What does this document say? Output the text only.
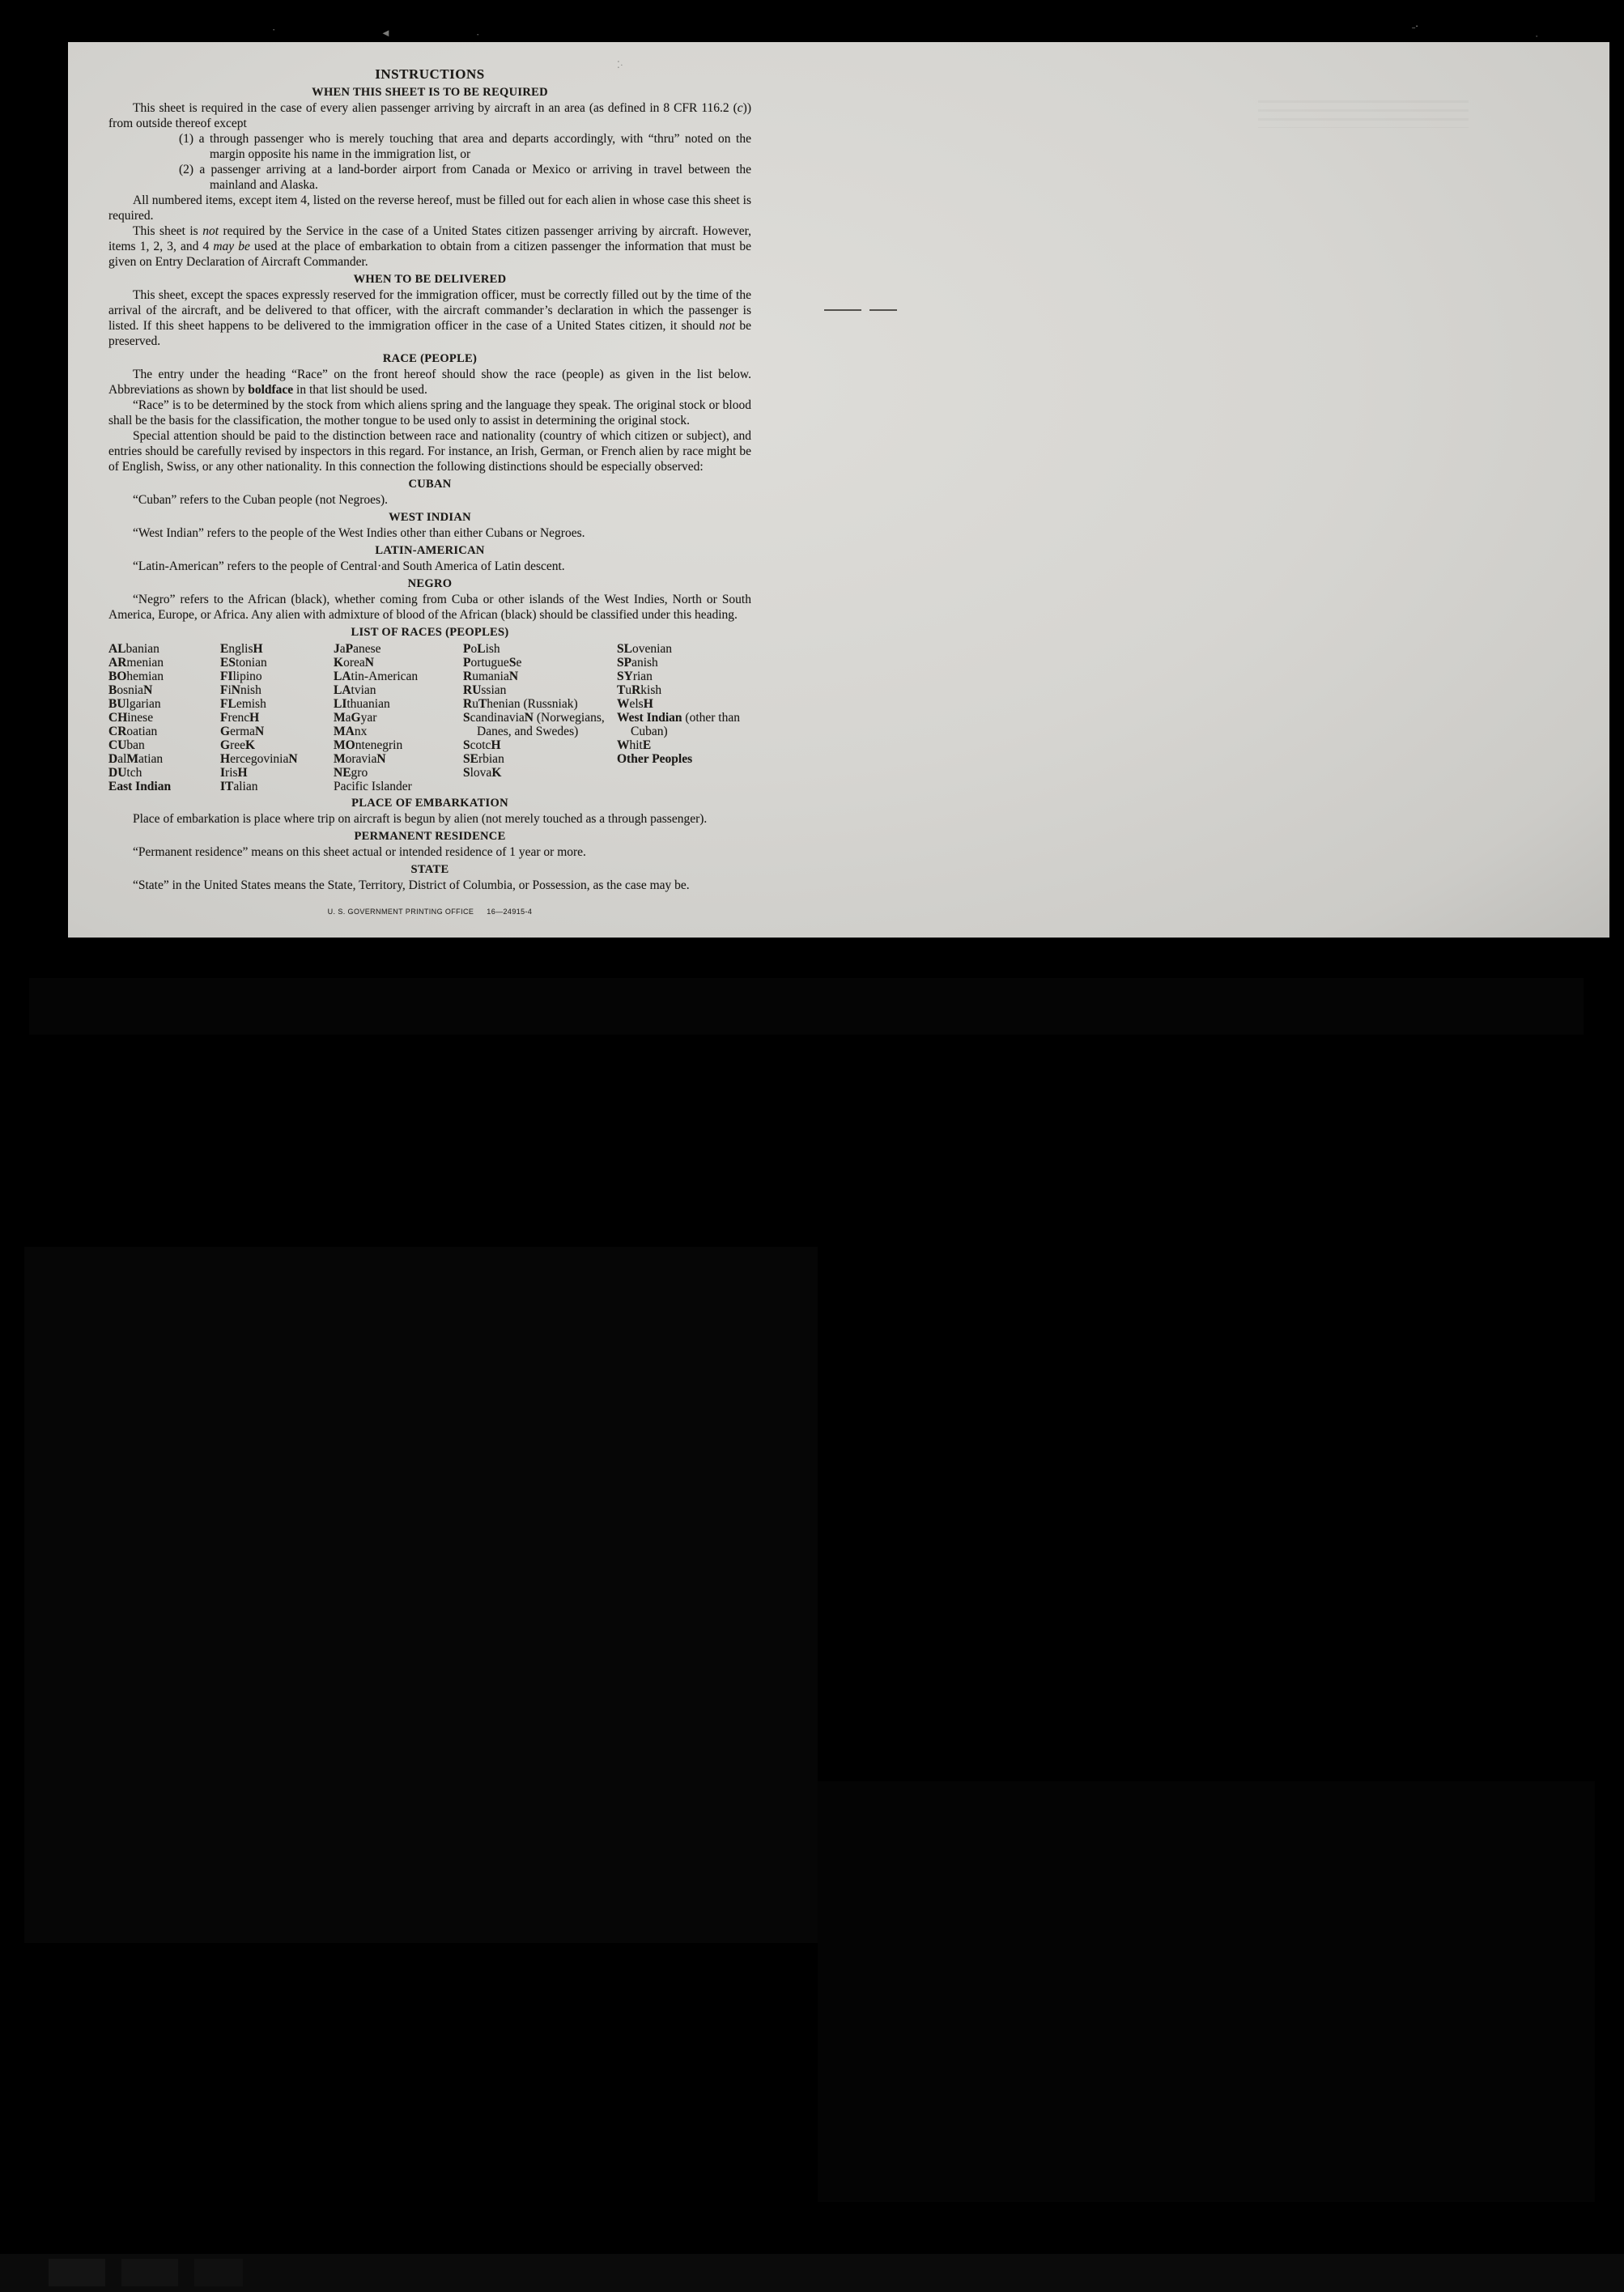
·	◄	·
˗⸱
·
⁚·
INSTRUCTIONS
WHEN THIS SHEET IS TO BE REQUIRED

This sheet is required in the case of every alien passenger arriving by aircraft in an area (as defined in 8 CFR 116.2 (c)) from outside thereof except

(1) a through passenger who is merely touching that area and departs accordingly, with “thru” noted on the margin opposite his name in the immigration list, or

(2) a passenger arriving at a land-border airport from Canada or Mexico or arriving in travel between the mainland and Alaska.

All numbered items, except item 4, listed on the reverse hereof, must be filled out for each alien in whose case this sheet is required.

This sheet is not required by the Service in the case of a United States citizen passenger arriving by aircraft. However, items 1, 2, 3, and 4 may be used at the place of embarkation to obtain from a citizen passenger the information that must be given on Entry Declaration of Aircraft Commander.

WHEN TO BE DELIVERED

This sheet, except the spaces expressly reserved for the immigration officer, must be correctly filled out by the time of the arrival of the aircraft, and be delivered to that officer, with the aircraft commander’s declaration in which the passenger is listed. If this sheet happens to be delivered to the immigration officer in the case of a United States citizen, it should not be preserved.

RACE (PEOPLE)

The entry under the heading “Race” on the front hereof should show the race (people) as given in the list below. Abbreviations as shown by boldface in that list should be used.

“Race” is to be determined by the stock from which aliens spring and the language they speak. The original stock or blood shall be the basis for the classification, the mother tongue to be used only to assist in determining the original stock.

Special attention should be paid to the distinction between race and nationality (country of which citizen or subject), and entries should be carefully revised by inspectors in this regard. For instance, an Irish, German, or French alien by race might be of English, Swiss, or any other nationality. In this connection the following distinctions should be especially observed:

CUBAN

“Cuban” refers to the Cuban people (not Negroes).

WEST INDIAN

“West Indian” refers to the people of the West Indies other than either Cubans or Negroes.

LATIN-AMERICAN

“Latin-American” refers to the people of Central·and South America of Latin descent.

NEGRO

“Negro” refers to the African (black), whether coming from Cuba or other islands of the West Indies, North or South America, Europe, or Africa. Any alien with admixture of blood of the African (black) should be classified under this heading.

LIST OF RACES (PEOPLES)
ALbanian
ARmenian
BOhemian
BosniaN
BUlgarian
CHinese
CRoatian
CUban
DalMatian
DUtch
East Indian
EnglisH
EStonian
FIlipino
FiNnish
FLemish
FrencH
GermaN
GreeK
HercegoviniaN
IrisH
ITalian
JaPanese
KoreaN
LAtin-American
LAtvian
LIthuanian
MaGyar
MAnx
MOntenegrin
MoraviaN
NEgro
Pacific Islander
PoLish
PortugueSe
RumaniaN
RUssian
RuThenian (Russniak)
ScandinaviaN (Norwegians, Danes, and Swedes)
ScotcH
SErbian
SlovaK
SLovenian
SPanish
SYrian
TuRkish
WelsH
West Indian (other than Cuban)
WhitE
Other Peoples
PLACE OF EMBARKATION

Place of embarkation is place where trip on aircraft is begun by alien (not merely touched as a through passenger).

PERMANENT RESIDENCE

“Permanent residence” means on this sheet actual or intended residence of 1 year or more.

STATE

“State” in the United States means the State, Territory, District of Columbia, or Possession, as the case may be.

U. S. GOVERNMENT PRINTING OFFICE 16—24915-4
